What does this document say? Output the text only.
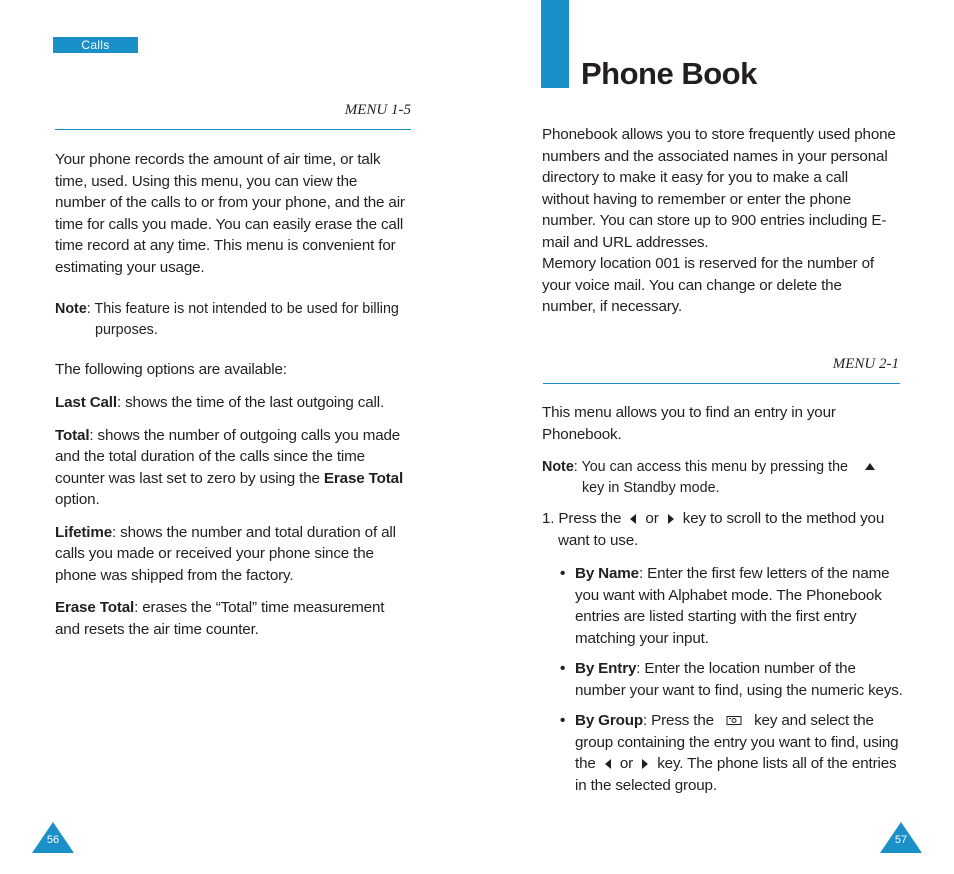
Calls
MENU 1-5

Your phone records the amount of air time, or talk time, used. Using this menu, you can view the number of the calls to or from your phone, and the air time for calls you made. You can easily erase the call time record at any time. This menu is convenient for estimating your usage.

Note: This feature is not intended to be used for billing
purposes.

The following options are available:

Last Call: shows the time of the last outgoing call.

Total: shows the number of outgoing calls you made and the total duration of the calls since the time counter was last set to zero by using the Erase Total option.

Lifetime: shows the number and total duration of all calls you made or received your phone since the phone was shipped from the factory.

Erase Total: erases the “Total” time measurement and resets the air time counter.

56
Phone Book

Phonebook allows you to store frequently used phone numbers and the associated names in your personal directory to make it easy for you to make a call without having to remember or enter the phone number. You can store up to 900 entries including E-mail and URL addresses.

Memory location 001 is reserved for the number of your voice mail. You can change or delete the number, if necessary.

MENU 2-1

This menu allows you to find an entry in your Phonebook.

Note: You can access this menu by pressing the
key in Standby mode.
1. Press the or key to scroll to the method you
want to use.
• By Name: Enter the first few letters of the name you want with Alphabet mode. The Phonebook entries are listed starting with the first entry matching your input.
• By Entry: Enter the location number of the number your want to find, using the numeric keys.
• By Group: Press the	key and select the group containing the entry you want to find, using the or key. The phone lists all of the entries in the selected group.
57
